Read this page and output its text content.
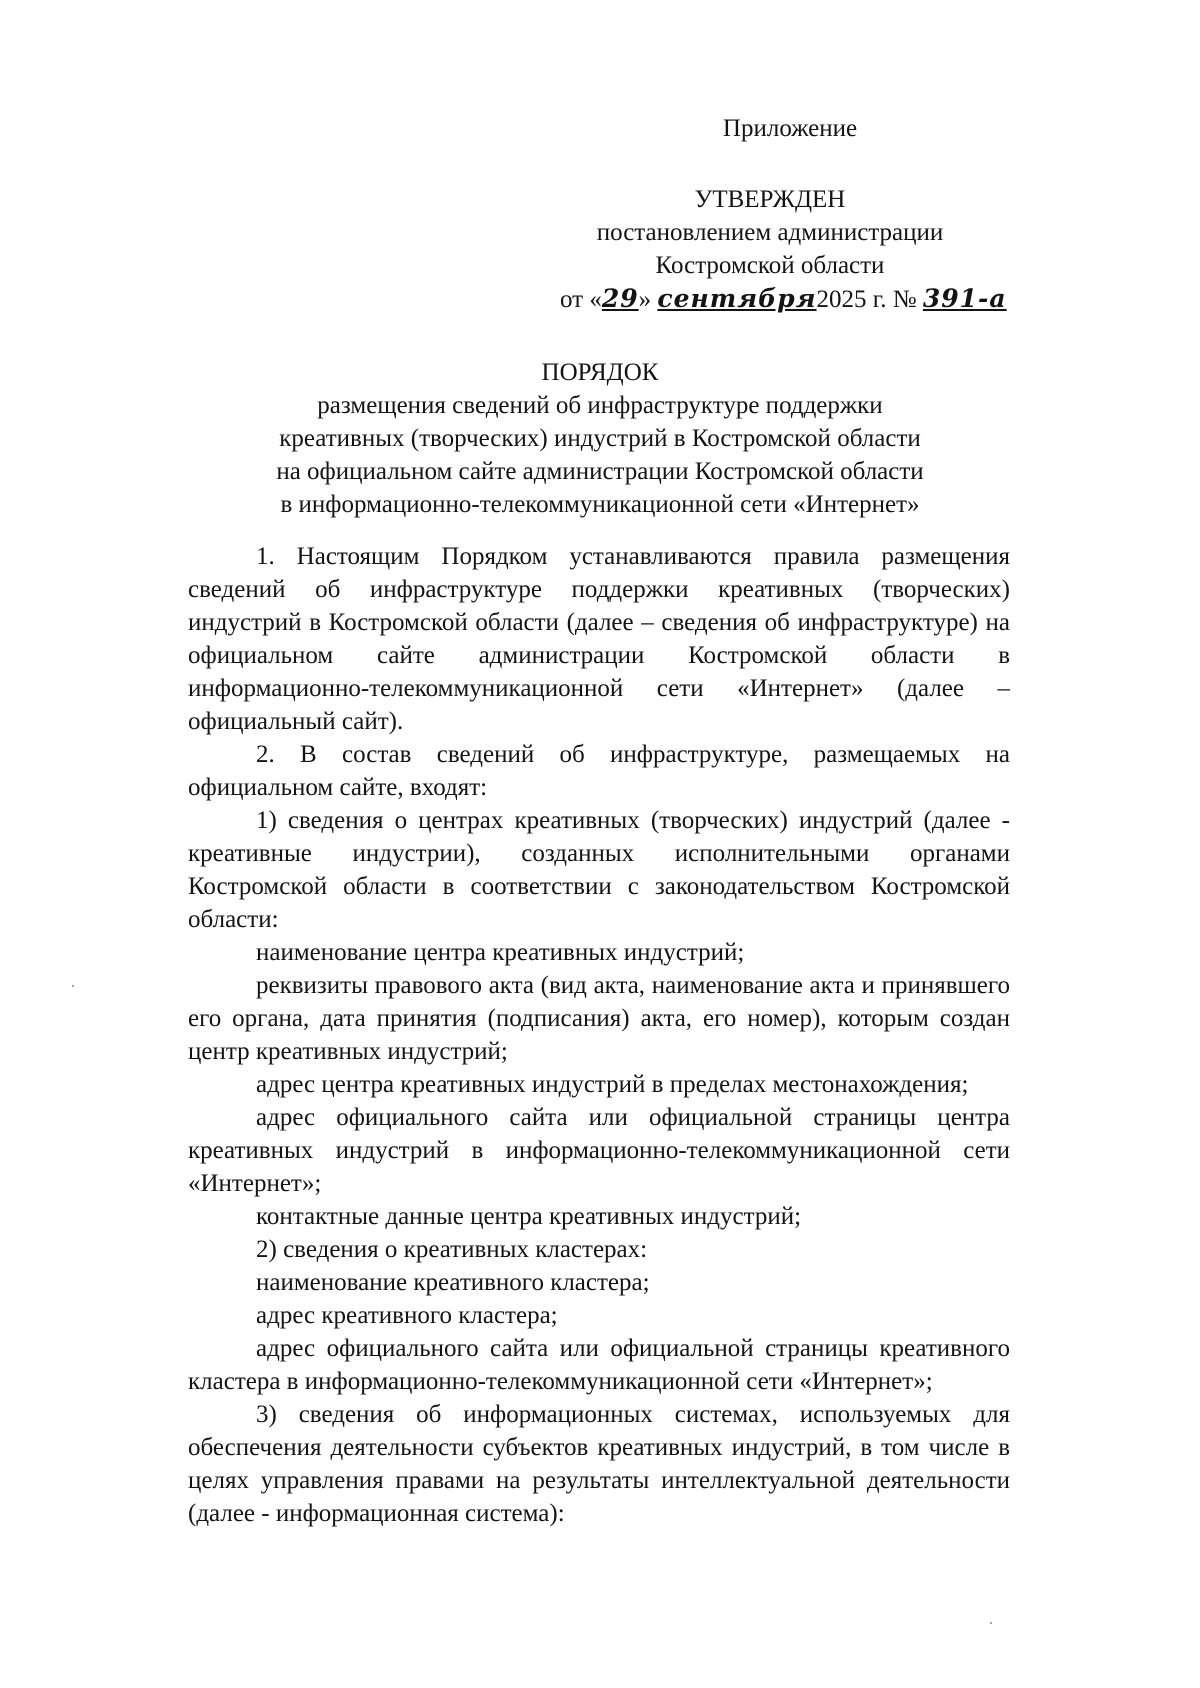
Приложение
УТВЕРЖДЕН
постановлением администрации
Костромской области
от «29» сентября2025 г. № 391-а
ПОРЯДОК
размещения сведений об инфраструктуре поддержки
креативных (творческих) индустрий в Костромской области
на официальном сайте администрации Костромской области
в информационно-телекоммуникационной сети «Интернет»

1. Настоящим Порядком устанавливаются правила размещения сведений об инфраструктуре поддержки креативных (творческих) индустрий в Костромской области (далее – сведения об инфраструктуре) на официальном сайте администрации Костромской области в информационно-телекоммуникационной сети «Интернет» (далее – официальный сайт).

2. В состав сведений об инфраструктуре, размещаемых на официальном сайте, входят:

1) сведения о центрах креативных (творческих) индустрий (далее - креативные индустрии), созданных исполнительными органами Костромской области в соответствии с законодательством Костромской области:

наименование центра креативных индустрий;

реквизиты правового акта (вид акта, наименование акта и принявшего его органа, дата принятия (подписания) акта, его номер), которым создан центр креативных индустрий;

адрес центра креативных индустрий в пределах местонахождения;

адрес официального сайта или официальной страницы центра креативных индустрий в информационно-телекоммуникационной сети «Интернет»;

контактные данные центра креативных индустрий;

2) сведения о креативных кластерах:

наименование креативного кластера;

адрес креативного кластера;

адрес официального сайта или официальной страницы креативного кластера в информационно-телекоммуникационной сети «Интернет»;

3) сведения об информационных системах, используемых для обеспечения деятельности субъектов креативных индустрий, в том числе в целях управления правами на результаты интеллектуальной деятельности (далее - информационная система):
